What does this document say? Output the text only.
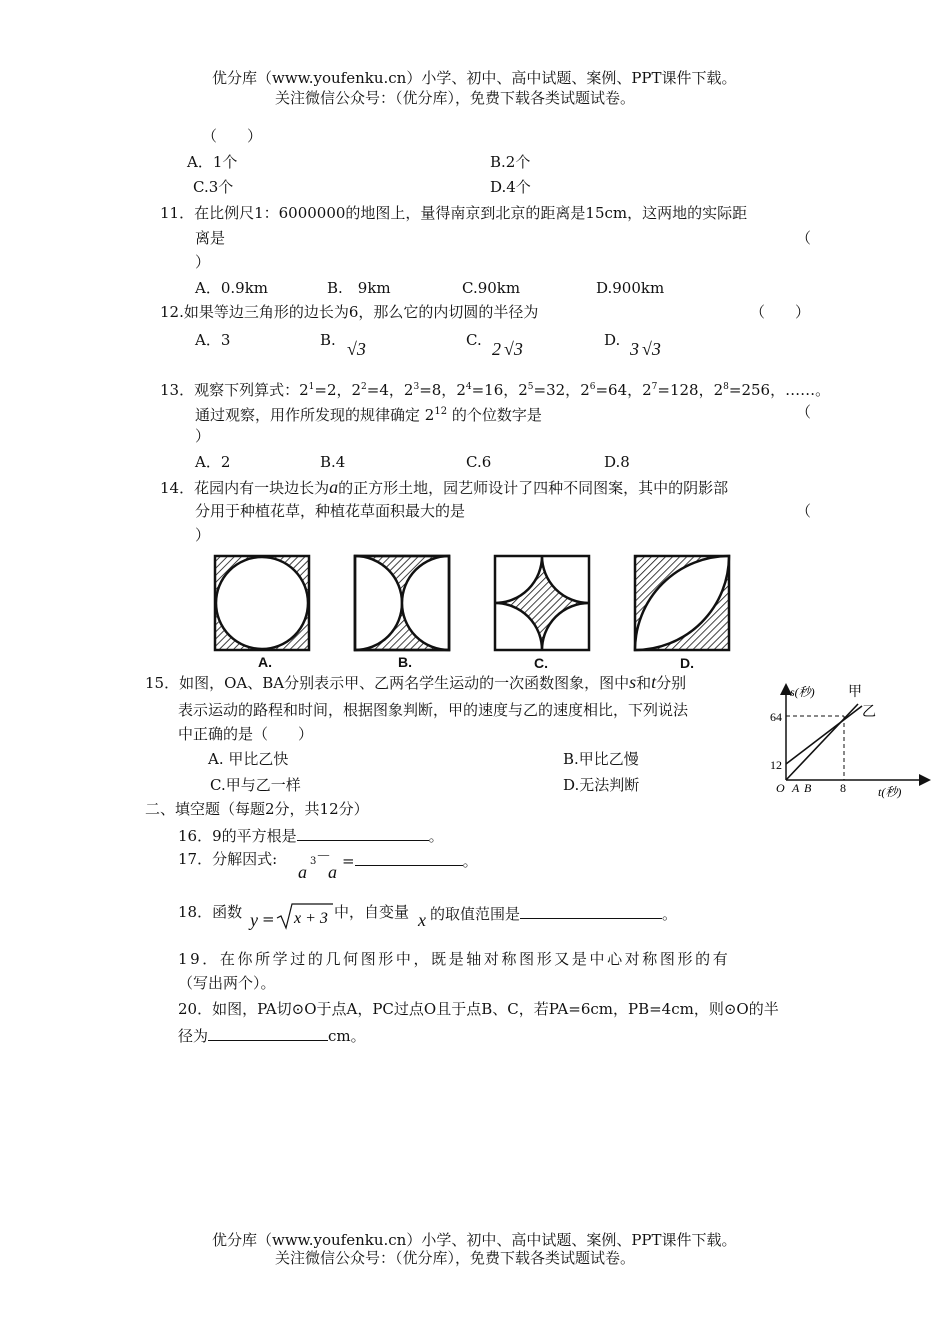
优分库（www.youfenku.cn）小学、初中、高中试题、案例、PPT课件下载。
关注微信公众号：（优分库），免费下载各类试题试卷。
（　　）
A．1个	B.2个
C.3个	D.4个
11．在比例尺1：6000000的地图上，量得南京到北京的距离是15cm，这两地的实际距
离是	（
）
A．0.9km	B.　9km	C.90km	D.900km
12.如果等边三角形的边长为6，那么它的内切圆的半径为	（　　）
A．3	B. √3	C. 2 √3	D. 3 √3
13．观察下列算式：$2^1=2$，$2^2=4$，$2^3=8$，$2^4=16$，$2^5=32$，$2^6=64$，$2^7=128$，$2^8=256$，……。
通过观察，用作所发现的规律确定 $2^{12}$ 的个位数字是	（
）
A．2	B.4	C.6	D.8
14．花园内有一块边长为a的正方形土地，园艺师设计了四种不同图案，其中的阴影部
分用于种植花草，种植花草面积最大的是	（
）
A.	B.	C.	D.
15．如图，OA、BA分别表示甲、乙两名学生运动的一次函数图象，图中s和t分别
表示运动的路程和时间，根据图象判断，甲的速度与乙的速度相比，下列说法
中正确的是（　　）
A. 甲比乙快	B.甲比乙慢
C.甲与乙一样	D.无法判断
s(秒) 甲
乙
64
12
O A B 8	t(秒)
二、填空题（每题2分，共12分）
16．9的平方根是	。
17．分解因式:
a
3 －
a
=	。
18．函数 y = x + 3 中，自变量 x 的取值范围是	。
19．在你所学过的几何图形中，既是轴对称图形又是中心对称图形的有
（写出两个）。
20．如图，PA切⊙O于点A，PC过点O且于点B、C，若PA=6cm，PB=4cm，则⊙O的半
径为	cm。
优分库（www.youfenku.cn）小学、初中、高中试题、案例、PPT课件下载。
关注微信公众号：（优分库），免费下载各类试题试卷。
